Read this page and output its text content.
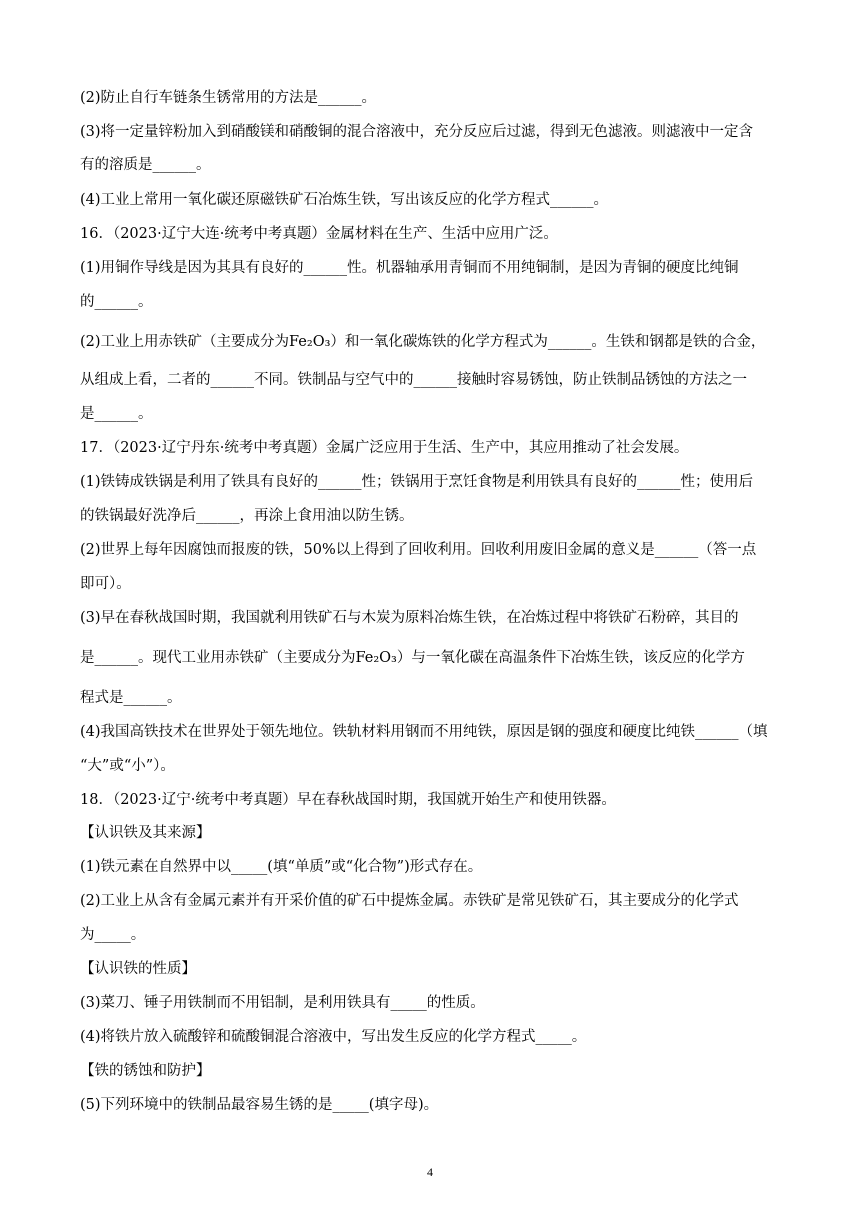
(2)防止自行车链条生锈常用的方法是______。
(3)将一定量锌粉加入到硝酸镁和硝酸铜的混合溶液中，充分反应后过滤，得到无色滤液。则滤液中一定含
有的溶质是______。
(4)工业上常用一氧化碳还原磁铁矿石冶炼生铁，写出该反应的化学方程式______。
16．（2023·辽宁大连·统考中考真题）金属材料在生产、生活中应用广泛。
(1)用铜作导线是因为其具有良好的______性。机器轴承用青铜而不用纯铜制，是因为青铜的硬度比纯铜
的______。
(2)工业上用赤铁矿（主要成分为Fe₂O₃）和一氧化碳炼铁的化学方程式为______。生铁和钢都是铁的合金，
从组成上看，二者的______不同。铁制品与空气中的______接触时容易锈蚀，防止铁制品锈蚀的方法之一
是______。
17．（2023·辽宁丹东·统考中考真题）金属广泛应用于生活、生产中，其应用推动了社会发展。
(1)铁铸成铁锅是利用了铁具有良好的______性；铁锅用于烹饪食物是利用铁具有良好的______性；使用后
的铁锅最好洗净后______，再涂上食用油以防生锈。
(2)世界上每年因腐蚀而报废的铁，50%以上得到了回收利用。回收利用废旧金属的意义是______（答一点
即可）。
(3)早在春秋战国时期，我国就利用铁矿石与木炭为原料冶炼生铁，在冶炼过程中将铁矿石粉碎，其目的
是______。现代工业用赤铁矿（主要成分为Fe₂O₃）与一氧化碳在高温条件下冶炼生铁，该反应的化学方
程式是______。
(4)我国高铁技术在世界处于领先地位。铁轨材料用钢而不用纯铁，原因是钢的强度和硬度比纯铁______（填
“大”或“小”）。
18．（2023·辽宁·统考中考真题）早在春秋战国时期，我国就开始生产和使用铁器。
【认识铁及其来源】
(1)铁元素在自然界中以_____(填“单质”或“化合物”)形式存在。
(2)工业上从含有金属元素并有开采价值的矿石中提炼金属。赤铁矿是常见铁矿石，其主要成分的化学式
为_____。
【认识铁的性质】
(3)菜刀、锤子用铁制而不用铝制，是利用铁具有_____的性质。
(4)将铁片放入硫酸锌和硫酸铜混合溶液中，写出发生反应的化学方程式_____。
【铁的锈蚀和防护】
(5)下列环境中的铁制品最容易生锈的是_____(填字母)。
4
